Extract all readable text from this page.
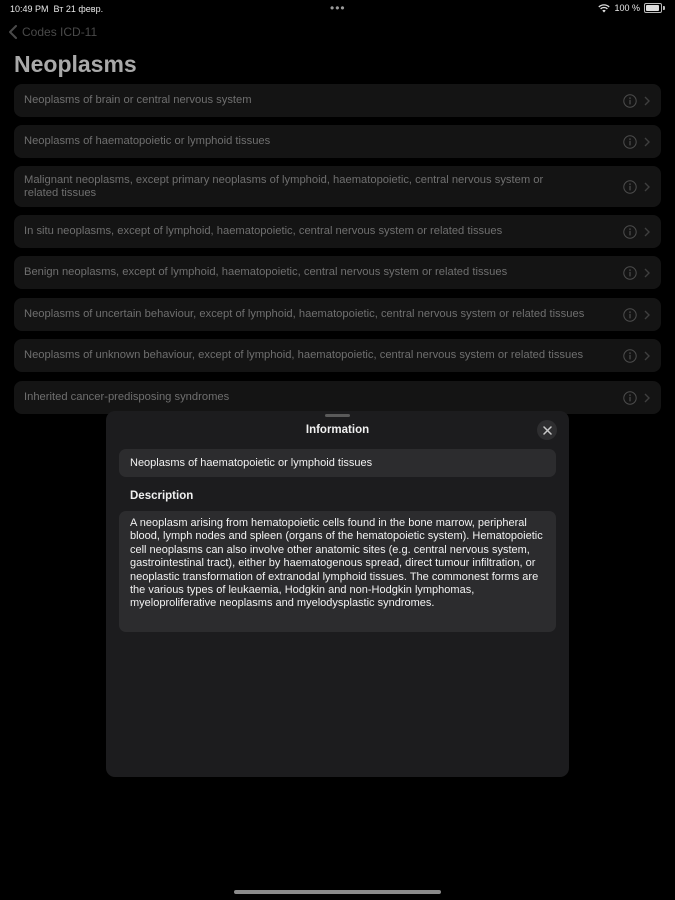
10:49 PM Вт 21 февр.	•••	100 %
Codes ICD-11
Neoplasms
Neoplasms of brain or central nervous system
Neoplasms of haematopoietic or lymphoid tissues
Malignant neoplasms, except primary neoplasms of lymphoid, haematopoietic, central nervous system or related tissues
In situ neoplasms, except of lymphoid, haematopoietic, central nervous system or related tissues
Benign neoplasms, except of lymphoid, haematopoietic, central nervous system or related tissues
Neoplasms of uncertain behaviour, except of lymphoid, haematopoietic, central nervous system or related tissues
Neoplasms of unknown behaviour, except of lymphoid, haematopoietic, central nervous system or related tissues
Inherited cancer-predisposing syndromes
Information
Neoplasms of haematopoietic or lymphoid tissues
Description
A neoplasm arising from hematopoietic cells found in the bone marrow, peripheral blood, lymph nodes and spleen (organs of the hematopoietic system). Hematopoietic cell neoplasms can also involve other anatomic sites (e.g. central nervous system, gastrointestinal tract), either by haematogenous spread, direct tumour infiltration, or neoplastic transformation of extranodal lymphoid tissues. The commonest forms are the various types of leukaemia, Hodgkin and non-Hodgkin lymphomas, myeloproliferative neoplasms and myelodysplastic syndromes.
